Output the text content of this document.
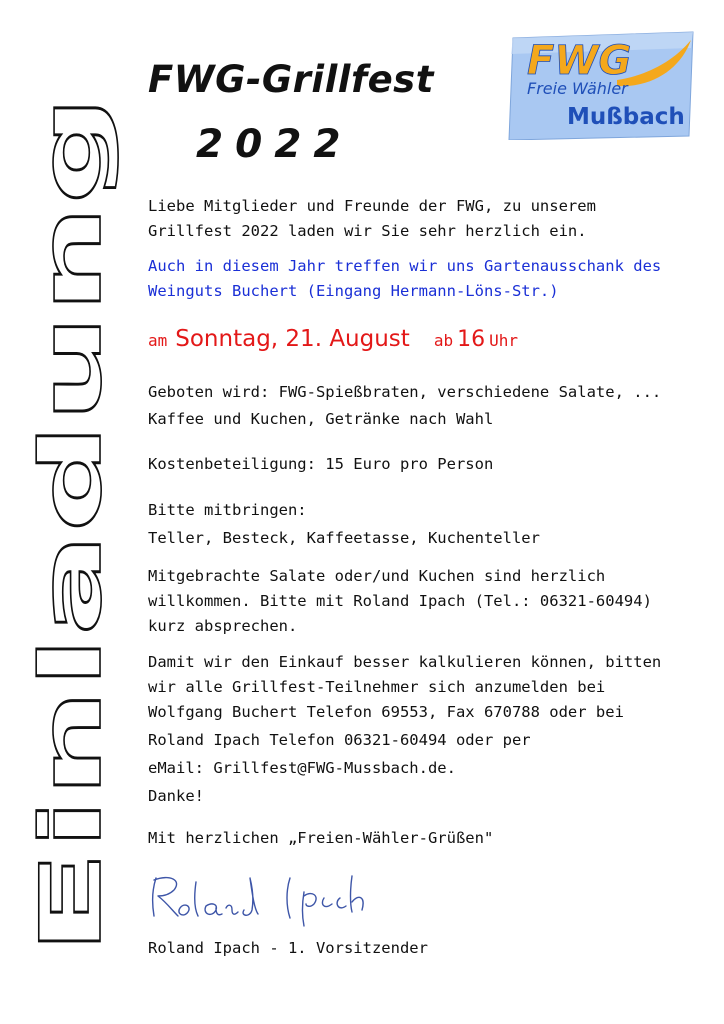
Einladung
FWG-Grillfest
2022
FWG
Freie Wähler
Mußbach
Liebe Mitglieder und Freunde der FWG, zu unserem
Grillfest 2022 laden wir Sie sehr herzlich ein.
Auch in diesem Jahr treffen wir uns Gartenausschank des
Weinguts Buchert (Eingang Hermann-Löns-Str.)
am Sonntag, 21. August ab 16 Uhr
Geboten wird: FWG-Spießbraten, verschiedene Salate, ...
Kaffee und Kuchen, Getränke nach Wahl
Kostenbeteiligung: 15 Euro pro Person
Bitte mitbringen:
Teller, Besteck, Kaffeetasse, Kuchenteller
Mitgebrachte Salate oder/und Kuchen sind herzlich
willkommen. Bitte mit Roland Ipach (Tel.: 06321-60494)
kurz absprechen.
Damit wir den Einkauf besser kalkulieren können, bitten
wir alle Grillfest-Teilnehmer sich anzumelden bei
Wolfgang Buchert Telefon 69553, Fax 670788 oder bei
Roland Ipach Telefon 06321-60494 oder per
eMail: Grillfest@FWG-Mussbach.de.
Danke!
Mit herzlichen „Freien-Wähler-Grüßen"
Roland Ipach - 1. Vorsitzender
